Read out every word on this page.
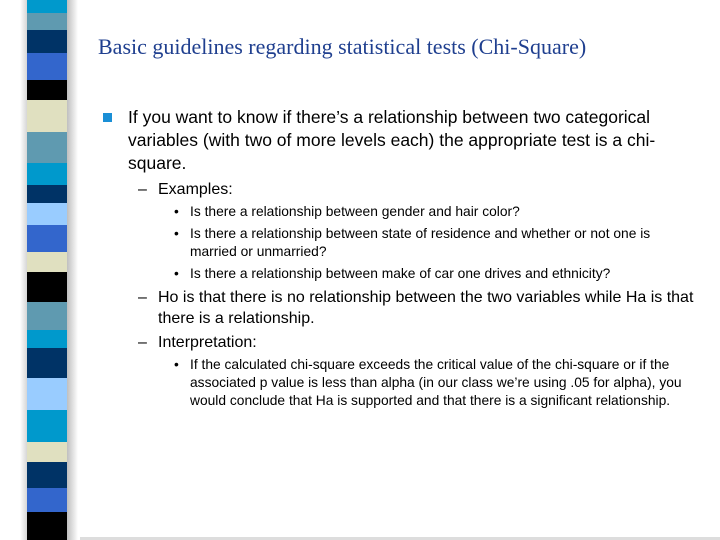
Basic guidelines regarding statistical tests (Chi-Square)
If you want to know if there’s a relationship between two categorical variables (with two of more levels each) the appropriate test is a chi-square.
– Examples:
• Is there a relationship between gender and hair color?
• Is there a relationship between state of residence and whether or not one is married or unmarried?
• Is there a relationship between make of car one drives and ethnicity?
– Ho is that there is no relationship between the two variables while Ha is that there is a relationship.
– Interpretation:
• If the calculated chi-square exceeds the critical value of the chi-square or if the associated p value is less than alpha (in our class we’re using .05 for alpha), you would conclude that Ha is supported and that there is a significant relationship.
